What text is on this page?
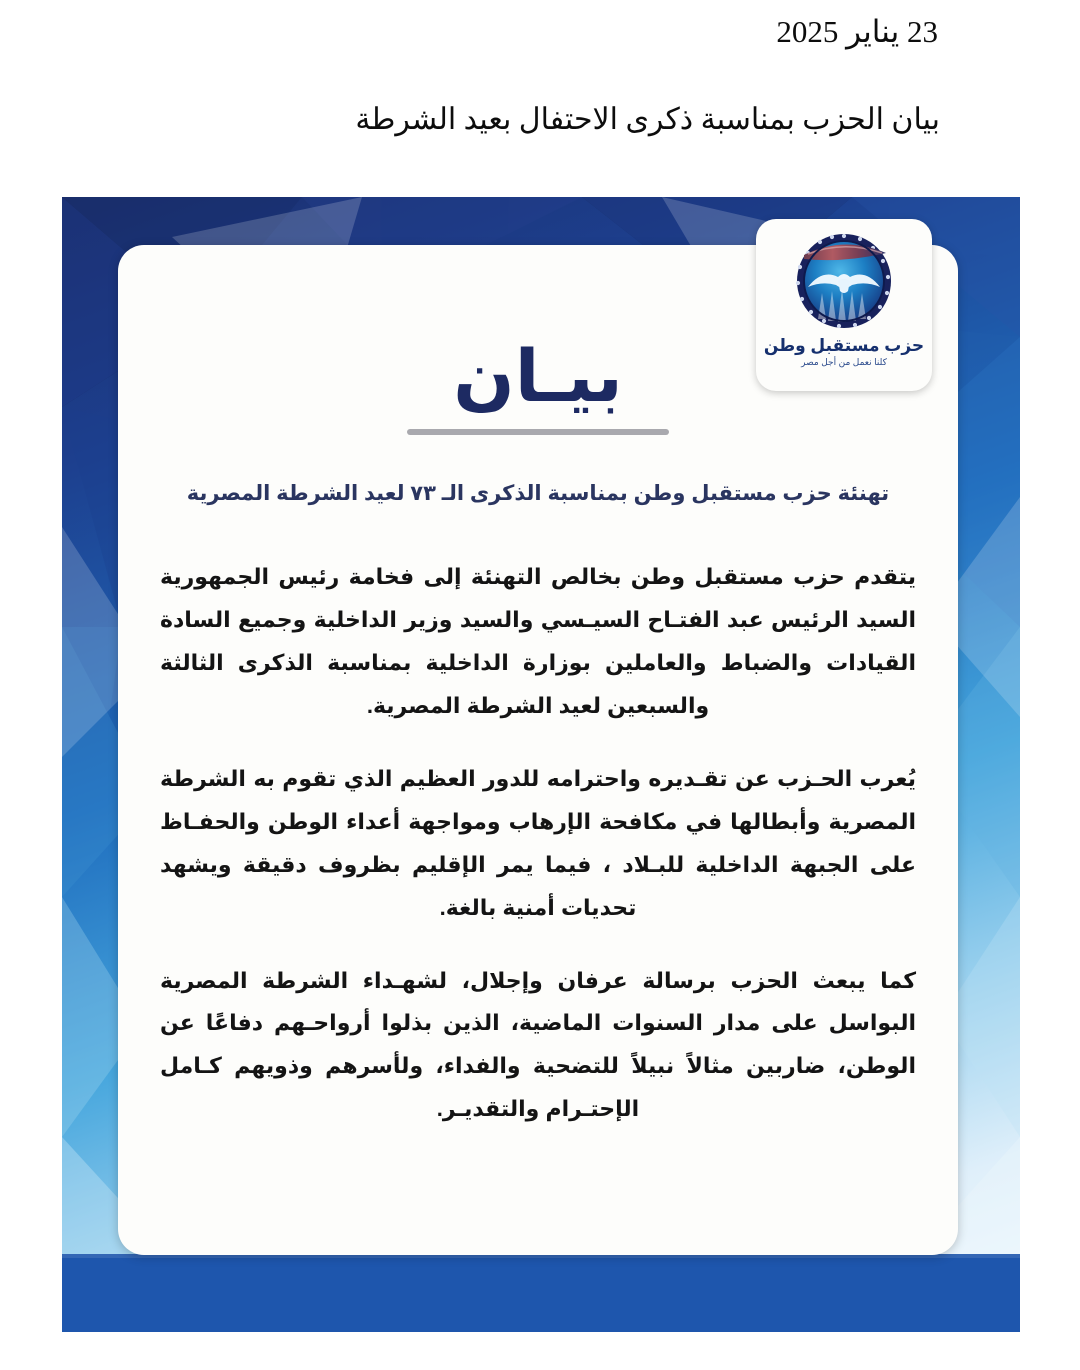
23 يناير 2025
بيان الحزب بمناسبة ذكرى الاحتفال بعيد الشرطة
بيـان
تهنئة حزب مستقبل وطن بمناسبة الذكرى الـ ٧٣ لعيد الشرطة المصرية

يتقدم حزب مستقبل وطن بخالص التهنئة إلى فخامة رئيس الجمهورية السيد الرئيس عبد الفتـاح السيـسي والسيد وزير الداخلية وجميع السادة القيادات والضباط والعاملين بوزارة الداخلية بمناسبة الذكرى الثالثة والسبعين لعيد الشرطة المصرية.

يُعرب الحـزب عن تقـديره واحترامه للدور العظيم الذي تقوم به الشرطة المصرية وأبطالها في مكافحة الإرهاب ومواجهة أعداء الوطن والحفـاظ على الجبهة الداخلية للبـلاد ، فيما يمر الإقليم بظروف دقيقة ويشهد تحديات أمنية بالغة.

كما يبعث الحزب برسالة عرفان وإجلال، لشهـداء الشرطة المصرية البواسل على مدار السنوات الماضية، الذين بذلوا أرواحـهم دفاعًا عن الوطن، ضاربين مثالاً نبيلاً للتضحية والفداء، ولأسرهم وذويهم كـامل الإحتـرام والتقديـر.

حزب مستقبل وطن
كلنا نعمل من أجل مصر
